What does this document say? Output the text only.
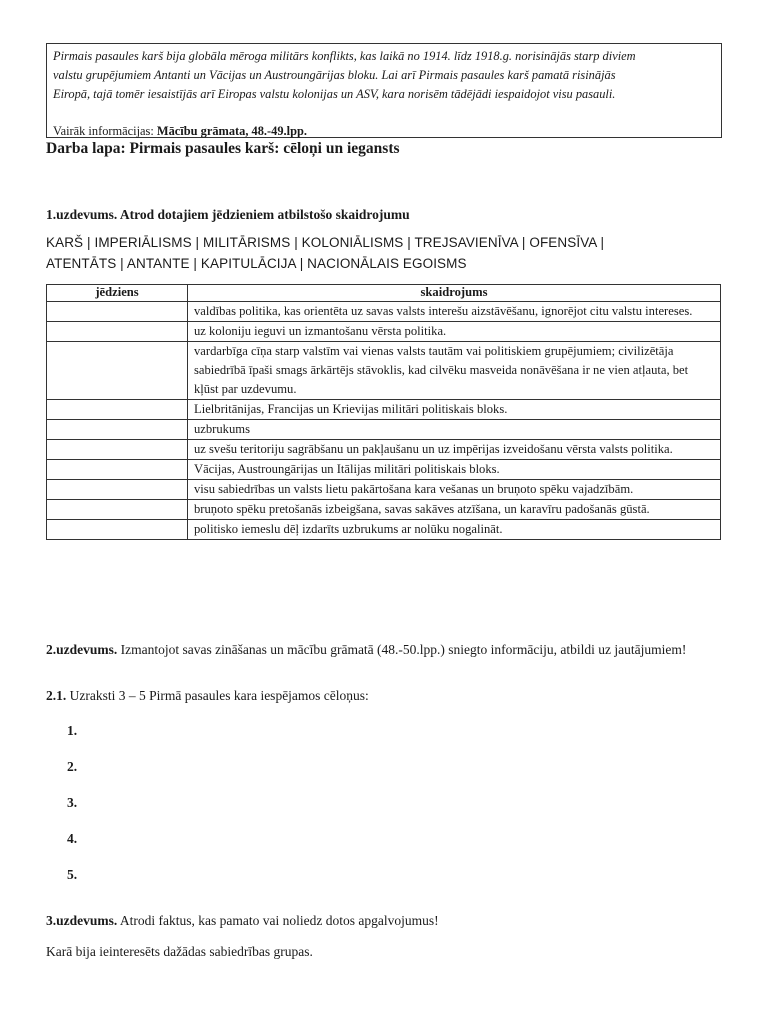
Pirmais pasaules karš bija globāla mēroga militārs konflikts, kas laikā no 1914. līdz 1918.g. norisinājās starp diviem
valstu grupējumiem Antanti un Vācijas un Austroungārijas bloku. Lai arī Pirmais pasaules karš pamatā risinājās
Eiropā, tajā tomēr iesaistījās arī Eiropas valstu kolonijas un ASV, kara norisēm tādējādi iespaidojot visu pasauli.
Vairāk informācijas: Mācību grāmata, 48.-49.lpp.
Darba lapa: Pirmais pasaules karš: cēloņi un iegansts
1.uzdevums. Atrod dotajiem jēdzieniem atbilstošo skaidrojumu
KARŠ | IMPERIĀLISMS | MILITĀRISMS | KOLONIĀLISMS | TREJSAVIENĪVA | OFENSĪVA |
ATENTĀTS | ANTANTE | KAPITULĀCIJA | NACIONĀLAIS EGOISMS
jēdziens	skaidrojums
	valdības politika, kas orientēta uz savas valsts interešu aizstāvēšanu, ignorējot citu valstu intereses.
	uz koloniju ieguvi un izmantošanu vērsta politika.
	vardarbīga cīņa starp valstīm vai vienas valsts tautām vai politiskiem grupējumiem; civilizētāja sabiedrībā īpaši smags ārkārtējs stāvoklis, kad cilvēku masveida nonāvēšana ir ne vien atļauta, bet kļūst par uzdevumu.
	Lielbritānijas, Francijas un Krievijas militāri politiskais bloks.
	uzbrukums
	uz svešu teritoriju sagrābšanu un pakļaušanu un uz impērijas izveidošanu vērsta valsts politika.
	Vācijas, Austroungārijas un Itālijas militāri politiskais bloks.
	visu sabiedrības un valsts lietu pakārtošana kara vešanas un bruņoto spēku vajadzībām.
	bruņoto spēku pretošanās izbeigšana, savas sakāves atzīšana, un karavīru padošanās gūstā.
	politisko iemeslu dēļ izdarīts uzbrukums ar nolūku nogalināt.
2.uzdevums. Izmantojot savas zināšanas un mācību grāmatā (48.-50.lpp.) sniegto informāciju, atbildi uz jautājumiem!
2.1. Uzraksti 3 – 5 Pirmā pasaules kara iespējamos cēloņus:
1.
2.
3.
4.
5.
3.uzdevums. Atrodi faktus, kas pamato vai noliedz dotos apgalvojumus!
Karā bija ieinteresēts dažādas sabiedrības grupas.
